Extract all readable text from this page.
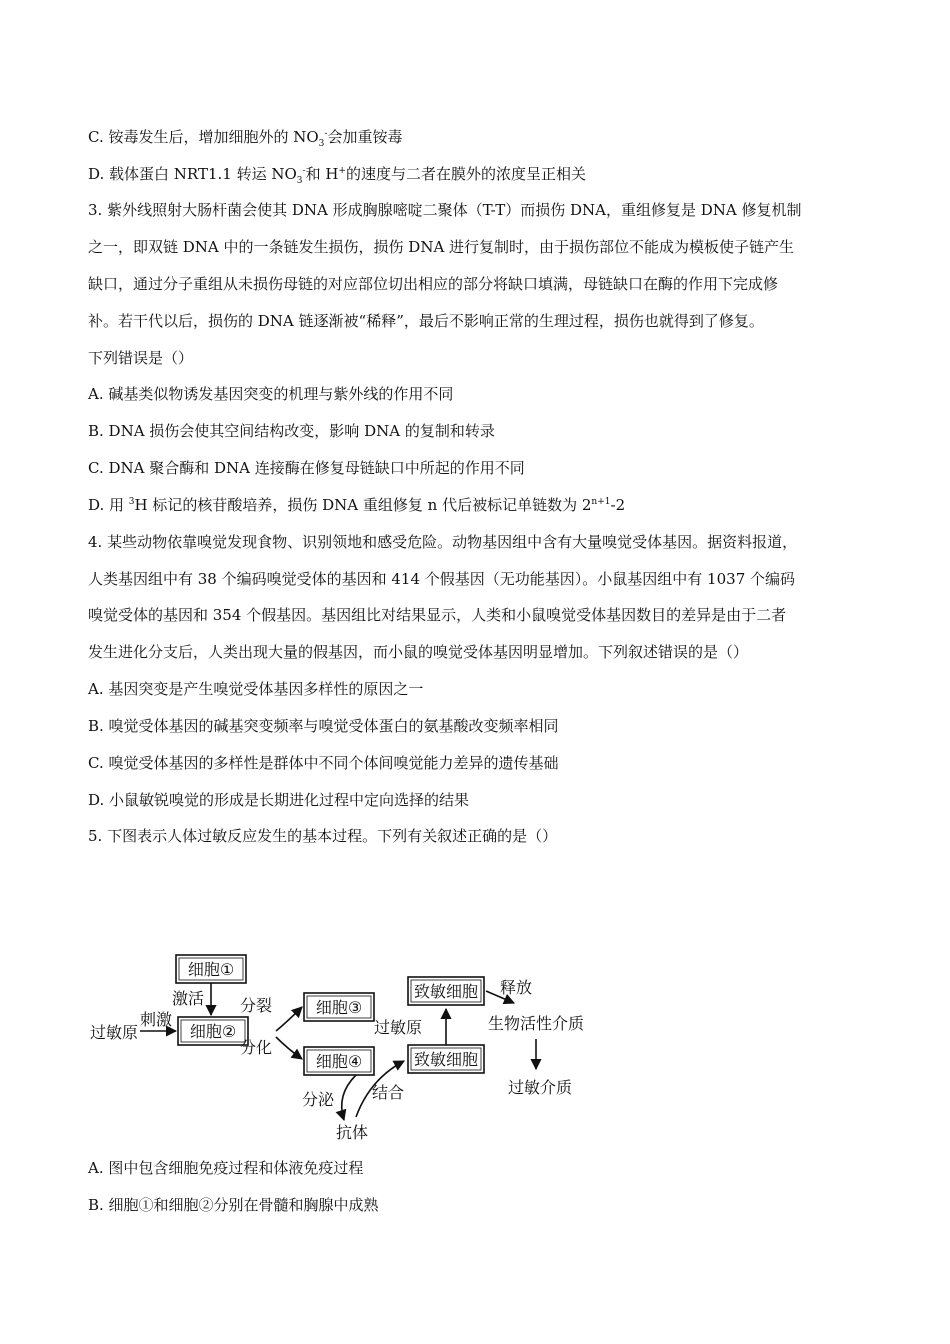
C. 铵毒发生后，增加细胞外的 $NO_3^-$会加重铵毒
D. 载体蛋白 NRT1.1 转运 $NO_3^-$和 H+的速度与二者在膜外的浓度呈正相关
3. 紫外线照射大肠杆菌会使其 DNA 形成胸腺嘧啶二聚体（T-T）而损伤 DNA，重组修复是 DNA 修复机制
之一，即双链 DNA 中的一条链发生损伤，损伤 DNA 进行复制时，由于损伤部位不能成为模板使子链产生
缺口，通过分子重组从未损伤母链的对应部位切出相应的部分将缺口填满，母链缺口在酶的作用下完成修
补。若干代以后，损伤的 DNA 链逐渐被“稀释”，最后不影响正常的生理过程，损伤也就得到了修复。
下列错误是（）
A. 碱基类似物诱发基因突变的机理与紫外线的作用不同
B. DNA 损伤会使其空间结构改变，影响 DNA 的复制和转录
C. DNA 聚合酶和 DNA 连接酶在修复母链缺口中所起的作用不同
D. 用 $^3$H 标记的核苷酸培养，损伤 DNA 重组修复 n 代后被标记单链数为 $2^{n+1}-2$
4. 某些动物依靠嗅觉发现食物、识别领地和感受危险。动物基因组中含有大量嗅觉受体基因。据资料报道，
人类基因组中有 38 个编码嗅觉受体的基因和 414 个假基因（无功能基因）。小鼠基因组中有 1037 个编码
嗅觉受体的基因和 354 个假基因。基因组比对结果显示，人类和小鼠嗅觉受体基因数目的差异是由于二者
发生进化分支后，人类出现大量的假基因，而小鼠的嗅觉受体基因明显增加。下列叙述错误的是（）
A. 基因突变是产生嗅觉受体基因多样性的原因之一
B. 嗅觉受体基因的碱基突变频率与嗅觉受体蛋白的氨基酸改变频率相同
C. 嗅觉受体基因的多样性是群体中不同个体间嗅觉能力差异的遗传基础
D. 小鼠敏锐嗅觉的形成是长期进化过程中定向选择的结果
5. 下图表示人体过敏反应发生的基本过程。下列有关叙述正确的是（）
细胞①
激活
过敏原
刺激
细胞②
分裂
分化
细胞③
细胞④
分泌
抗体
结合
致敏细胞
过敏原
致敏细胞 释放
生物活性介质
过敏介质
A. 图中包含细胞免疫过程和体液免疫过程
B. 细胞①和细胞②分别在骨髓和胸腺中成熟
